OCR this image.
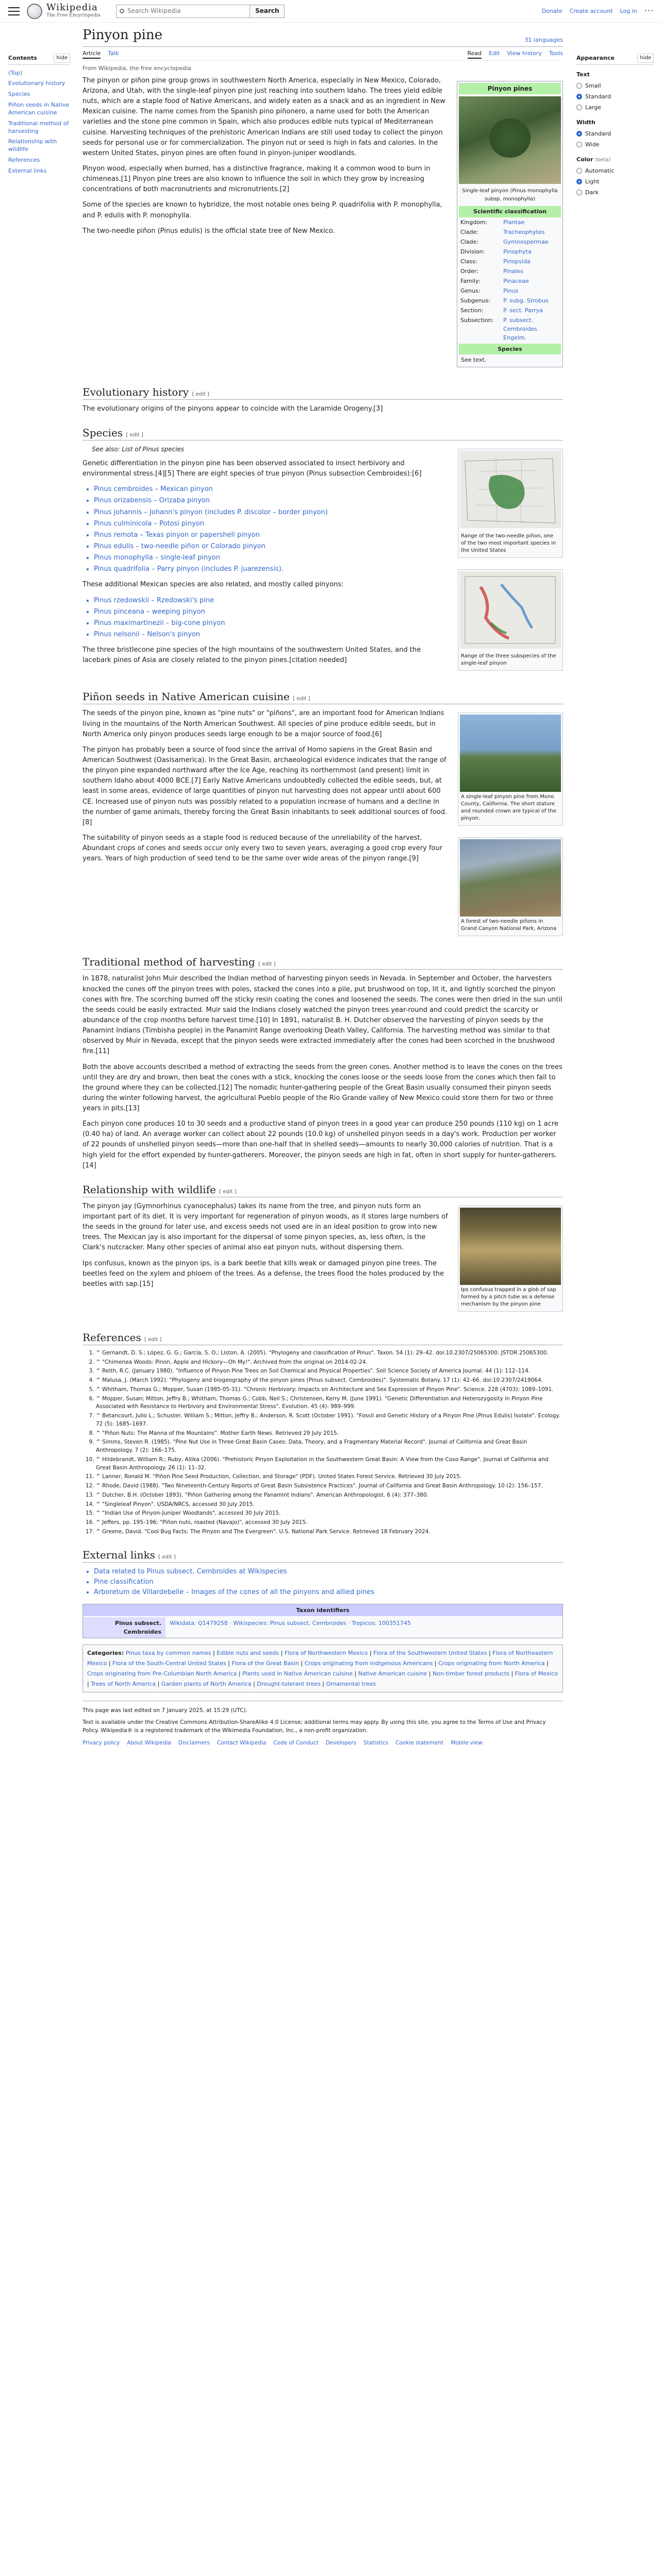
Wikipedia
The Free Encyclopedia
Search Wikipedia	Search	Donate Create account Log in ···
Contents	hide
(Top)
Evolutionary history
Species
Piñon seeds in Native American cuisine
Traditional method of harvesting
Relationship with wildlife
References
External links
Pinyon pine	31 languages
Article Talk	Read Edit View history Tools
From Wikipedia, the free encyclopedia
Pinyon pines
Single-leaf pinyon (Pinus monophylla subsp. monophylla)
Scientific classification
Kingdom:	Plantae
Clade:	Tracheophytes
Clade:	Gymnospermae
Division:	Pinophyta
Class:	Pinopsida
Order:	Pinales
Family:	Pinaceae
Genus:	Pinus
Subgenus:	P. subg. Strobus
Section:	P. sect. Parrya
Subsection:	P. subsect. Cembroides Engelm.
Species
See text.

The pinyon or piñon pine group grows in southwestern North America, especially in New Mexico, Colorado, Arizona, and Utah, with the single-leaf pinyon pine just reaching into southern Idaho. The trees yield edible nuts, which are a staple food of Native Americans, and widely eaten as a snack and as an ingredient in New Mexican cuisine. The name comes from the Spanish pino piñonero, a name used for both the American varieties and the stone pine common in Spain, which also produces edible nuts typical of Mediterranean cuisine. Harvesting techniques of the prehistoric American Indians are still used today to collect the pinyon seeds for personal use or for commercialization. The pinyon nut or seed is high in fats and calories. In the western United States, pinyon pines are often found in pinyon-juniper woodlands.

Pinyon wood, especially when burned, has a distinctive fragrance, making it a common wood to burn in chimeneas.[1] Pinyon pine trees are also known to influence the soil in which they grow by increasing concentrations of both macronutrients and micronutrients.[2]

Some of the species are known to hybridize, the most notable ones being P. quadrifolia with P. monophylla, and P. edulis with P. monophylla.

The two-needle piñon (Pinus edulis) is the official state tree of New Mexico.

Evolutionary history [ edit ]

The evolutionary origins of the pinyons appear to coincide with the Laramide Orogeny.[3]

Species [ edit ]
Range of the two-needle piñon, one of the two most important species in the United States
Range of the three subspecies of the single-leaf pinyon
See also: List of Pinus species

Genetic differentiation in the pinyon pine has been observed associated to insect herbivory and environmental stress.[4][5] There are eight species of true pinyon (Pinus subsection Cembroides):[6]

• Pinus cembroides – Mexican pinyon
• Pinus orizabensis – Orizaba pinyon
• Pinus johannis – Johann's pinyon (includes P. discolor – border pinyon)
• Pinus culminicola – Potosi pinyon
• Pinus remota – Texas pinyon or papershell pinyon
• Pinus edulis – two-needle piñon or Colorado pinyon
• Pinus monophylla – single-leaf pinyon
• Pinus quadrifolia – Parry pinyon (includes P. juarezensis).

These additional Mexican species are also related, and mostly called pinyons:

• Pinus rzedowskii – Rzedowski's pine
• Pinus pinceana – weeping pinyon
• Pinus maximartinezii – big-cone pinyon
• Pinus nelsonii – Nelson's pinyon

The three bristlecone pine species of the high mountains of the southwestern United States, and the lacebark pines of Asia are closely related to the pinyon pines.[citation needed]

Piñon seeds in Native American cuisine [ edit ]
A single-leaf pinyon pine from Mono County, California. The short stature and rounded crown are typical of the pinyon.
A forest of two-needle piñons in Grand Canyon National Park, Arizona

The seeds of the pinyon pine, known as "pine nuts" or "piñons", are an important food for American Indians living in the mountains of the North American Southwest. All species of pine produce edible seeds, but in North America only pinyon produces seeds large enough to be a major source of food.[6]

The pinyon has probably been a source of food since the arrival of Homo sapiens in the Great Basin and American Southwest (Oasisamerica). In the Great Basin, archaeological evidence indicates that the range of the pinyon pine expanded northward after the Ice Age, reaching its northernmost (and present) limit in southern Idaho about 4000 BCE.[7] Early Native Americans undoubtedly collected the edible seeds, but, at least in some areas, evidence of large quantities of pinyon nut harvesting does not appear until about 600 CE. Increased use of pinyon nuts was possibly related to a population increase of humans and a decline in the number of game animals, thereby forcing the Great Basin inhabitants to seek additional sources of food.[8]

The suitability of pinyon seeds as a staple food is reduced because of the unreliability of the harvest. Abundant crops of cones and seeds occur only every two to seven years, averaging a good crop every four years. Years of high production of seed tend to be the same over wide areas of the pinyon range.[9]

Traditional method of harvesting [ edit ]

In 1878, naturalist John Muir described the Indian method of harvesting pinyon seeds in Nevada. In September and October, the harvesters knocked the cones off the pinyon trees with poles, stacked the cones into a pile, put brushwood on top, lit it, and lightly scorched the pinyon cones with fire. The scorching burned off the sticky resin coating the cones and loosened the seeds. The cones were then dried in the sun until the seeds could be easily extracted. Muir said the Indians closely watched the pinyon trees year-round and could predict the scarcity or abundance of the crop months before harvest time.[10] In 1891, naturalist B. H. Dutcher observed the harvesting of pinyon seeds by the Panamint Indians (Timbisha people) in the Panamint Range overlooking Death Valley, California. The harvesting method was similar to that observed by Muir in Nevada, except that the pinyon seeds were extracted immediately after the cones had been scorched in the brushwood fire.[11]

Both the above accounts described a method of extracting the seeds from the green cones. Another method is to leave the cones on the trees until they are dry and brown, then beat the cones with a stick, knocking the cones loose or the seeds loose from the cones which then fall to the ground where they can be collected.[12] The nomadic hunter-gathering people of the Great Basin usually consumed their pinyon seeds during the winter following harvest, the agricultural Pueblo people of the Rio Grande valley of New Mexico could store them for two or three years in pits.[13]

Each pinyon cone produces 10 to 30 seeds and a productive stand of pinyon trees in a good year can produce 250 pounds (110 kg) on 1 acre (0.40 ha) of land. An average worker can collect about 22 pounds (10.0 kg) of unshelled pinyon seeds in a day's work. Production per worker of 22 pounds of unshelled pinyon seeds—more than one-half that in shelled seeds—amounts to nearly 30,000 calories of nutrition. That is a high yield for the effort expended by hunter-gatherers. Moreover, the pinyon seeds are high in fat, often in short supply for hunter-gatherers.[14]

Relationship with wildlife [ edit ]
Ips confusus trapped in a glob of sap formed by a pitch tube as a defense mechanism by the pinyon pine

The pinyon jay (Gymnorhinus cyanocephalus) takes its name from the tree, and pinyon nuts form an important part of its diet. It is very important for regeneration of pinyon woods, as it stores large numbers of the seeds in the ground for later use, and excess seeds not used are in an ideal position to grow into new trees. The Mexican jay is also important for the dispersal of some pinyon species, as, less often, is the Clark's nutcracker. Many other species of animal also eat pinyon nuts, without dispersing them.

Ips confusus, known as the pinyon ips, is a bark beetle that kills weak or damaged pinyon pine trees. The beetles feed on the xylem and phloem of the trees. As a defense, the trees flood the holes produced by the beetles with sap.[15]

References [ edit ]
1. ^ Gernandt, D. S.; López, G. G.; García, S. O.; Liston, A. (2005). "Phylogeny and classification of Pinus". Taxon. 54 (1): 29–42. doi:10.2307/25065300. JSTOR 25065300.
2. ^ "Chimenea Woods: Pinon, Apple and Hickory—Oh My!". Archived from the original on 2014-02-24.
3. ^ Reith, R.C. (January 1980). "Influence of Pinyon Pine Trees on Soil Chemical and Physical Properties". Soil Science Society of America Journal. 44 (1): 112–114.
4. ^ Malusa, J. (March 1992). "Phylogeny and biogeography of the pinyon pines (Pinus subsect. Cembroides)". Systematic Botany. 17 (1): 42–66. doi:10.2307/2419064.
5. ^ Whitham, Thomas G.; Mopper, Susan (1985-05-31). "Chronic Herbivory: Impacts on Architecture and Sex Expression of Pinyon Pine". Science. 228 (4703): 1089–1091.
6. ^ Mopper, Susan; Mitton, Jeffry B.; Whitham, Thomas G.; Cobb, Neil S.; Christensen, Kerry M. (June 1991). "Genetic Differentiation and Heterozygosity in Pinyon Pine Associated with Resistance to Herbivory and Environmental Stress". Evolution. 45 (4): 989–999.
7. ^ Betancourt, Julio L.; Schuster, William S.; Mitton, Jeffry B.; Anderson, R. Scott (October 1991). "Fossil and Genetic History of a Pinyon Pine (Pinus Edulis) Isolate". Ecology. 72 (5): 1685–1697.
8. ^ "Piñon Nuts: The Manna of the Mountains". Mother Earth News. Retrieved 29 July 2015.
9. ^ Simms, Steven R. (1985). "Pine Nut Use in Three Great Basin Cases: Data, Theory, and a Fragmentary Material Record". Journal of California and Great Basin Anthropology. 7 (2): 166–175.
10. ^ Hildebrandt, William R.; Ruby, Allika (2006). "Prehistoric Pinyon Exploitation in the Southwestern Great Basin: A View from the Coso Range". Journal of California and Great Basin Anthropology. 26 (1): 11–32.
11. ^ Lanner, Ronald M. "Piñon Pine Seed Production, Collection, and Storage" (PDF). United States Forest Service. Retrieved 30 July 2015.
12. ^ Rhode, David (1988). "Two Nineteenth-Century Reports of Great Basin Subsistence Practices". Journal of California and Great Basin Anthropology. 10 (2): 156–157.
13. ^ Dutcher, B.H. (October 1893). "Piñon Gathering among the Panamint Indians". American Anthropologist. 6 (4): 377–380.
14. ^ "Singleleaf Pinyon". USDA/NRCS, accessed 30 July 2015.
15. ^ "Indian Use of Pinyon-Juniper Woodlands", accessed 30 July 2015.
16. ^ Jeffers, pp. 195–196; "Piñon nuts, roasted (Navajo)", accessed 30 July 2015.
17. ^ Greene, David. "Cool Bug Facts: The Pinyon and The Evergreen". U.S. National Park Service. Retrieved 18 February 2024.
External links [ edit ]
• Data related to Pinus subsect. Cembroides at Wikispecies
• Pine classification
• Arboretum de Villardebelle – Images of the cones of all the pinyons and allied pines
Taxon identifiers
Pinus subsect. Cembroides
Wikidata: Q1479258 · Wikispecies: Pinus subsect. Cembroides · Tropicos: 100351745
Categories: Pinus taxa by common names | Edible nuts and seeds | Flora of Northwestern Mexico | Flora of the Southwestern United States | Flora of Northeastern Mexico | Flora of the South-Central United States | Flora of the Great Basin | Crops originating from indigenous Americans | Crops originating from North America | Crops originating from Pre-Columbian North America | Plants used in Native American cuisine | Native American cuisine | Non-timber forest products | Flora of Mexico | Trees of North America | Garden plants of North America | Drought-tolerant trees | Ornamental trees
This page was last edited on 7 January 2025, at 15:29 (UTC).
Text is available under the Creative Commons Attribution-ShareAlike 4.0 License; additional terms may apply. By using this site, you agree to the Terms of Use and Privacy Policy. Wikipedia® is a registered trademark of the Wikimedia Foundation, Inc., a non-profit organization.
Privacy policy About Wikipedia Disclaimers Contact Wikipedia Code of Conduct Developers Statistics Cookie statement Mobile view
Appearance	hide
Text
Small
Standard
Large
Width
Standard
Wide
Color (beta)
Automatic
Light
Dark
